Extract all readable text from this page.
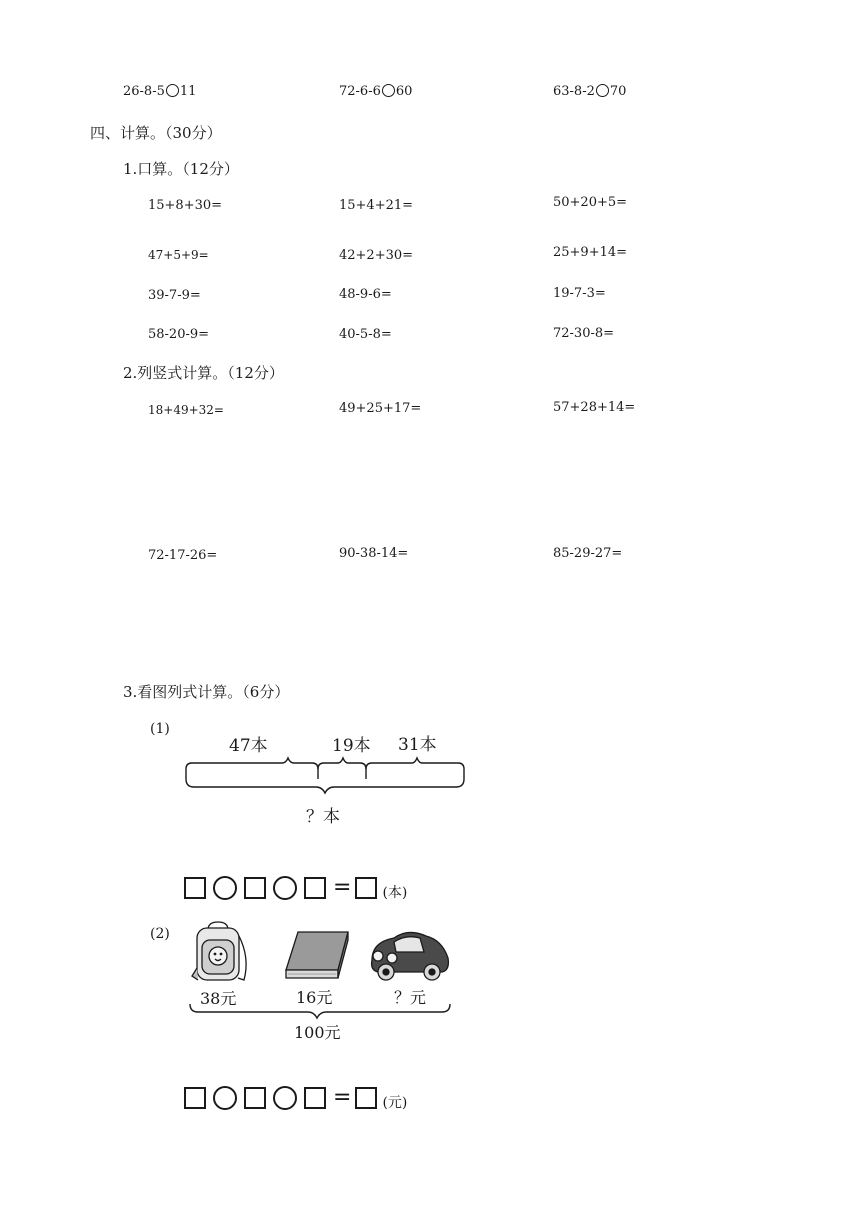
26-8-5 11	72-6-6 60	63-8-2 70
四、计算。（30分）
1.口算。（12分）
15+8+30=	15+4+21=	50+20+5=
47+5+9=	42+2+30=	25+9+14=
39-7-9=	48-9-6=	19-7-3=
58-20-9=	40-5-8=	72-30-8=
2.列竖式计算。（12分）
18+49+32=	49+25+17=	57+28+14=
72-17-26=	90-38-14=	85-29-27=
3.看图列式计算。（6分）
(1)
47本	19本 31本
？本
= (本)
(2)
38元	16元	？元
100元
= (元)
